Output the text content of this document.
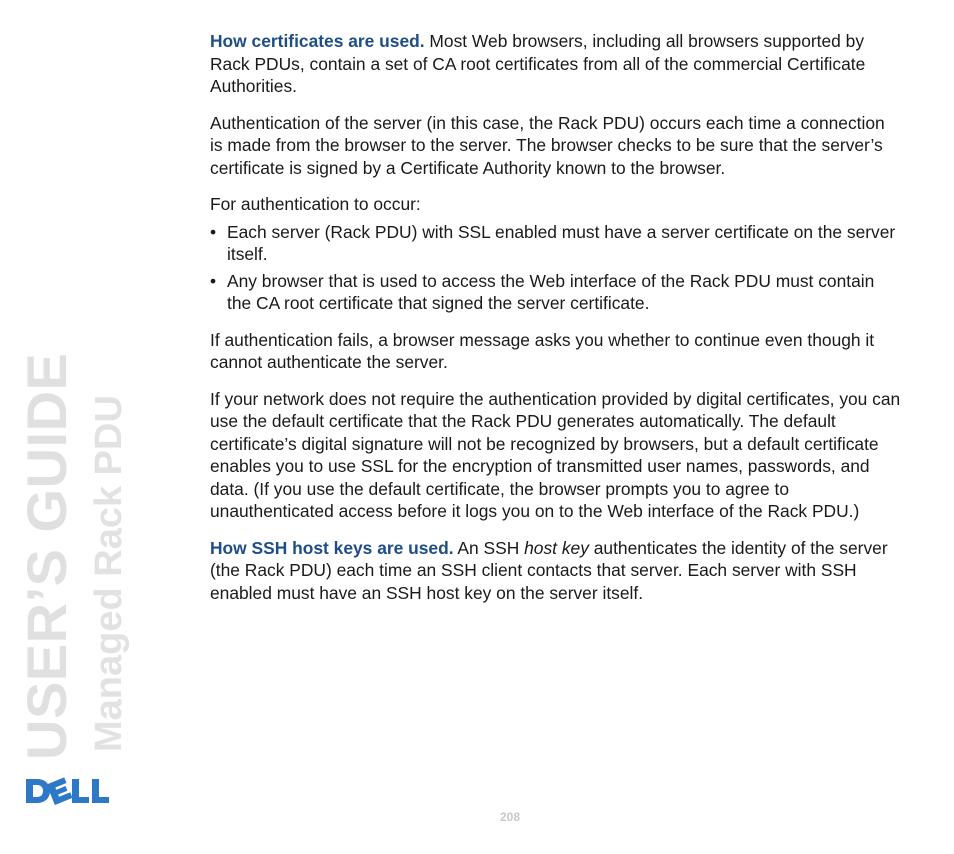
USER’S GUIDE Managed Rack PDU

How certificates are used. Most Web browsers, including all browsers supported by Rack PDUs, contain a set of CA root certificates from all of the commercial Certificate Authorities.

Authentication of the server (in this case, the Rack PDU) occurs each time a connection is made from the browser to the server. The browser checks to be sure that the server’s certificate is signed by a Certificate Authority known to the browser.

For authentication to occur:

• Each server (Rack PDU) with SSL enabled must have a server certificate on the server itself.
• Any browser that is used to access the Web interface of the Rack PDU must contain the CA root certificate that signed the server certificate.

If authentication fails, a browser message asks you whether to continue even though it cannot authenticate the server.

If your network does not require the authentication provided by digital certificates, you can use the default certificate that the Rack PDU generates automatically. The default certificate’s digital signature will not be recognized by browsers, but a default certificate enables you to use SSL for the encryption of transmitted user names, passwords, and data. (If you use the default certificate, the browser prompts you to agree to unauthenticated access before it logs you on to the Web interface of the Rack PDU.)

How SSH host keys are used. An SSH host key authenticates the identity of the server (the Rack PDU) each time an SSH client contacts that server. Each server with SSH enabled must have an SSH host key on the server itself.

208
